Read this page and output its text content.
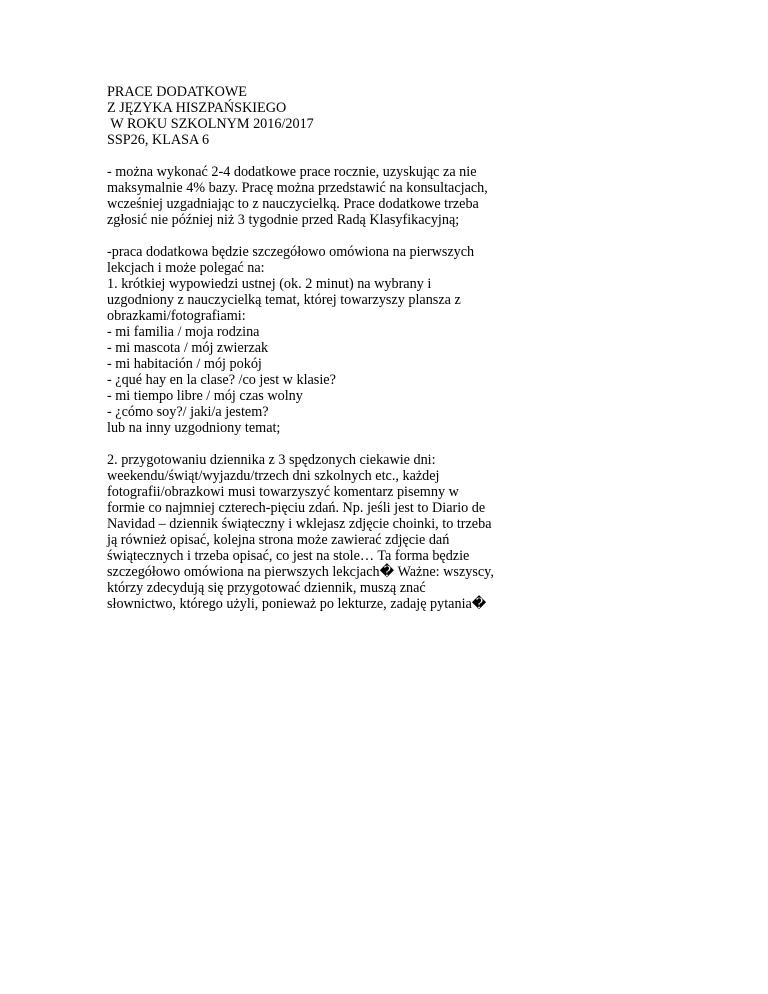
PRACE DODATKOWE
Z JĘZYKA HISZPAŃSKIEGO
W ROKU SZKOLNYM 2016/2017
SSP26, KLASA 6
- można wykonać 2-4 dodatkowe prace rocznie, uzyskując za nie
maksymalnie 4% bazy. Pracę można przedstawić na konsultacjach,
wcześniej uzgadniając to z nauczycielką. Prace dodatkowe trzeba
zgłosić nie później niż 3 tygodnie przed Radą Klasyfikacyjną;
-praca dodatkowa będzie szczegółowo omówiona na pierwszych
lekcjach i może polegać na:
1. krótkiej wypowiedzi ustnej (ok. 2 minut) na wybrany i
uzgodniony z nauczycielką temat, której towarzyszy plansza z
obrazkami/fotografiami:
- mi familia / moja rodzina
- mi mascota / mój zwierzak
- mi habitación / mój pokój
- ¿qué hay en la clase? /co jest w klasie?
- mi tiempo libre / mój czas wolny
- ¿cómo soy?/ jaki/a jestem?
lub na inny uzgodniony temat;
2. przygotowaniu dziennika z 3 spędzonych ciekawie dni:
weekendu/świąt/wyjazdu/trzech dni szkolnych etc., każdej
fotografii/obrazkowi musi towarzyszyć komentarz pisemny w
formie co najmniej czterech-pięciu zdań. Np. jeśli jest to Diario de
Navidad – dziennik świąteczny i wklejasz zdjęcie choinki, to trzeba
ją również opisać, kolejna strona może zawierać zdjęcie dań
świątecznych i trzeba opisać, co jest na stole… Ta forma będzie
szczegółowo omówiona na pierwszych lekcjach� Ważne: wszyscy,
którzy zdecydują się przygotować dziennik, muszą znać
słownictwo, którego użyli, ponieważ po lekturze, zadaję pytania�
